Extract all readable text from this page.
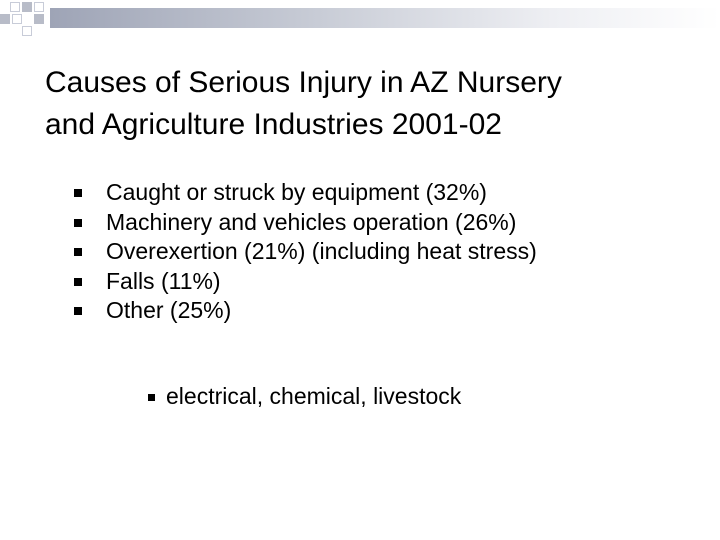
Causes of Serious Injury in AZ Nursery
and Agriculture Industries 2001-02
Caught or struck by equipment (32%)
Machinery and vehicles operation (26%)
Overexertion (21%) (including heat stress)
Falls (11%)
Other (25%)
electrical, chemical, livestock
